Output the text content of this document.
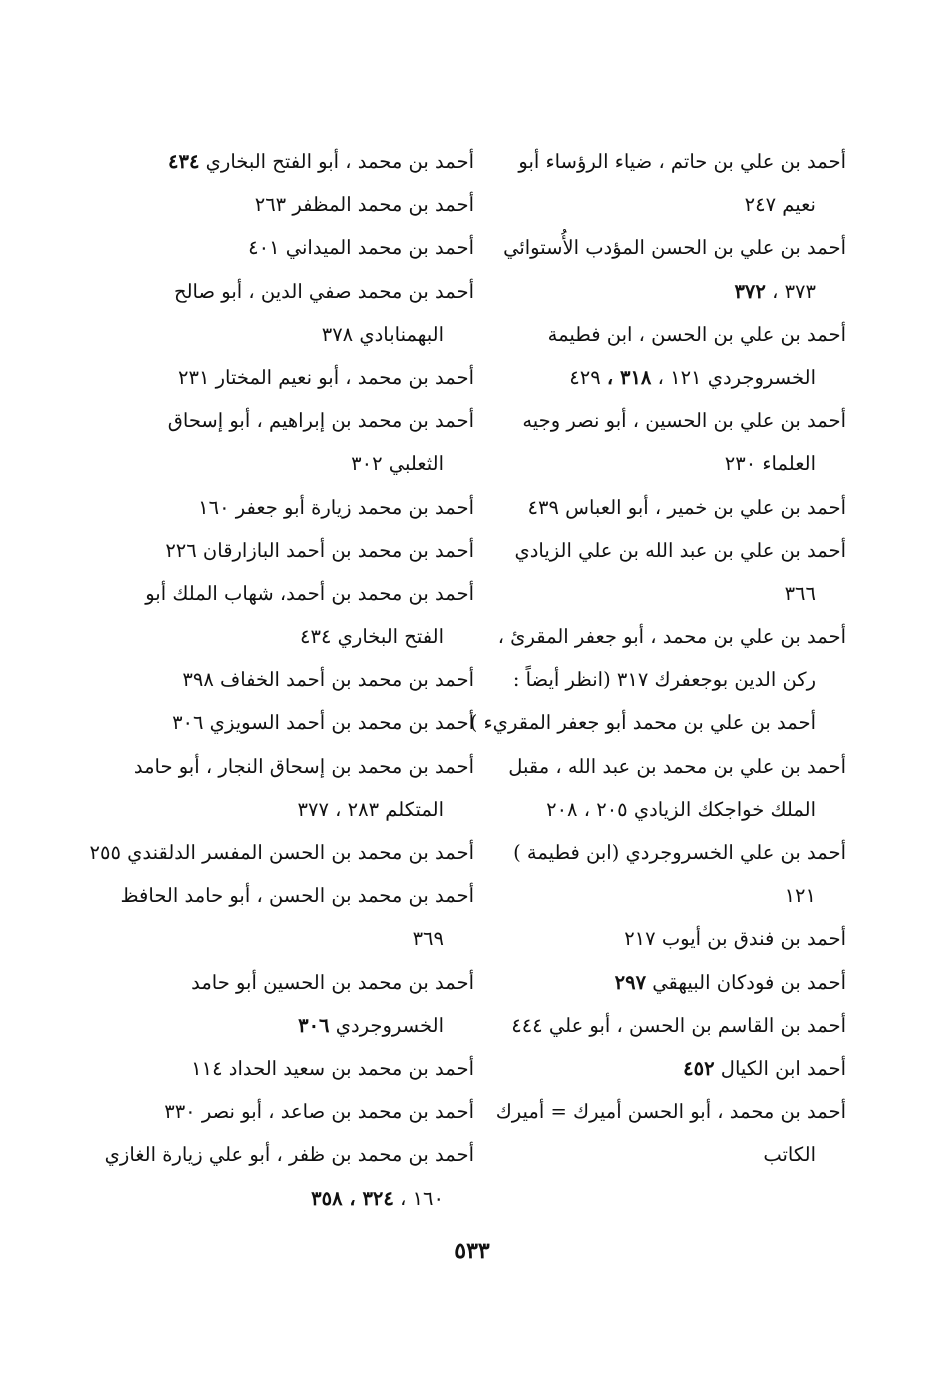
أحمد بن علي بن حاتم ، ضياء الرؤساء أبو
نعيم ٢٤٧
أحمد بن علي بن الحسن المؤدب الأُستوائي
٣٧٣ ، ٣٧٢
أحمد بن علي بن الحسن ، ابن فطيمة
الخسروجردي ١٢١ ، ٣١٨ ، ٤٢٩
أحمد بن علي بن الحسين ، أبو نصر وجيه
العلماء ٢٣٠
أحمد بن علي بن خمير ، أبو العباس ٤٣٩
أحمد بن علي بن عبد الله بن علي الزيادي
٣٦٦
أحمد بن علي بن محمد ، أبو جعفر المقرئ ،
ركن الدين بوجعفرك ٣١٧ (انظر أيضاً :
أحمد بن علي بن محمد أبو جعفر المقريء )
أحمد بن علي بن محمد بن عبد الله ، مقبل
الملك خواجكك الزيادي ٢٠٥ ، ٢٠٨
أحمد بن علي الخسروجردي (ابن فطيمة )
١٢١
أحمد بن فندق بن أيوب ٢١٧
أحمد بن فودكان البيهقي ٢٩٧
أحمد بن القاسم بن الحسن ، أبو علي ٤٤٤
أحمد ابن الكيال ٤٥٢
أحمد بن محمد ، أبو الحسن أميرك = أميرك
الكاتب
أحمد بن محمد ، أبو الفتح البخاري ٤٣٤
أحمد بن محمد المظفر ٢٦٣
أحمد بن محمد الميداني ٤٠١
أحمد بن محمد صفي الدين ، أبو صالح
البهمنابادي ٣٧٨
أحمد بن محمد ، أبو نعيم المختار ٢٣١
أحمد بن محمد بن إبراهيم ، أبو إسحاق
الثعلبي ٣٠٢
أحمد بن محمد زيارة أبو جعفر ١٦٠
أحمد بن محمد بن أحمد البازارقان ٢٢٦
أحمد بن محمد بن أحمد، شهاب الملك أبو
الفتح البخاري ٤٣٤
أحمد بن محمد بن أحمد الخفاف ٣٩٨
أحمد بن محمد بن أحمد السويزي ٣٠٦
أحمد بن محمد بن إسحاق النجار ، أبو حامد
المتكلم ٢٨٣ ، ٣٧٧
أحمد بن محمد بن الحسن المفسر الدلقندي ٢٥٥
أحمد بن محمد بن الحسن ، أبو حامد الحافظ
٣٦٩
أحمد بن محمد بن الحسين أبو حامد
الخسروجردي ٣٠٦
أحمد بن محمد بن سعيد الحداد ١١٤
أحمد بن محمد بن صاعد ، أبو نصر ٣٣٠
أحمد بن محمد بن ظفر ، أبو علي زيارة الغازي
١٦٠ ، ٣٢٤ ، ٣٥٨
٥٣٣
